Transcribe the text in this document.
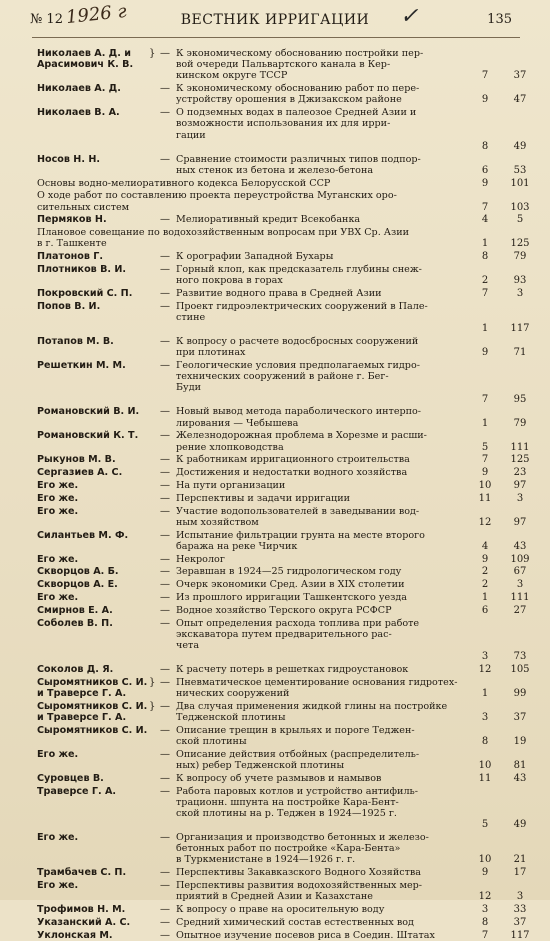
№ 12 1926 г	ВЕСТНИК ИРРИГАЦИИ	✓	135
Николаев А. Д. и
Арасимович К. В.
—
} К экономическому обоснованию постройки пер-
вой очереди Пальвартского канала в Кер-
кинском округе ТССР	7	37
Николаев А. Д.	— К экономическому обоснованию работ по пере-
устройству орошения в Джизакском районе	9	47
Николаев В. А.	— О подземных водах в палеозое Средней Азии и
возможности использования их для ирри-
гации
8	49
Носов Н. Н.	— Сравнение стоимости различных типов подпор-
ных стенок из бетона и железо-бетона	6	53
Основы водно-мелиоративного кодекса Белорусской ССР	9	101
О ходе работ по составлению проекта переустройства Муганских оро-
сительных систем	7	103
Пермяков Н.	— Мелиоративный кредит Всекобанка	4	5
Плановое совещание по водохозяйственным вопросам при УВХ Ср. Азии
в г. Ташкенте	1	125
Платонов Г.	— К орографии Западной Бухары	8	79
Плотников В. И.	— Горный клоп, как предсказатель глубины снеж-
ного покрова в горах	2	93
Покровский С. П.	— Развитие водного права в Средней Азии	7	3
Попов В. И.	— Проект гидроэлектрических сооружений в Пале-
стине
1	117
Потапов М. В.	— К вопросу о расчете водосбросных сооружений
при плотинах	9	71
Решеткин М. М.	— Геологические условия предполагаемых гидро-
технических сооружений в районе г. Бег-
Буди
7	95
Романовский В. И.	— Новый вывод метода параболического интерпо-
лирования — Чебышева	1	79
Романовский К. Т.	— Железнодорожная проблема в Хорезме и расши-
рение хлопководства	5	111
Рыкунов М. В.	— К работникам ирригационного строительства	7	125
Сергазиев А. С.	— Достижения и недостатки водного хозяйства	9	23
Его же.	— На пути организации	10	97
Его же.	— Перспективы и задачи ирригации	11	3
Его же.	— Участие водопользователей в заведывании вод-
ным хозяйством	12	97
Силантьев М. Ф.	— Испытание фильтрации грунта на месте второго
баража на реке Чирчик	4	43
Его же.	— Некролог	9	109
Скворцов А. Б.	— Зеравшан в 1924—25 гидрологическом году	2	67
Скворцов А. Е.	— Очерк экономики Сред. Азии в XIX столетии	2	3
Его же.	— Из прошлого ирригации Ташкентского уезда	1	111
Смирнов Е. А.	— Водное хозяйство Терского округа РСФСР	6	27
Соболев В. П.	— Опыт определения расхода топлива при работе
экскаватора путем предварительного рас-
чета
3	73
Соколов Д. Я.	— К расчету потерь в решетках гидроустановок	12	105
Сыромятников С. И.
и Траверсе Г. А.
—
} Пневматическое цементирование основания гидротех-
нических сооружений	1	99
Сыромятников С. И.
и Траверсе Г. А.
—
} Два случая применения жидкой глины на постройке
Тедженской плотины	3	37
Сыромятников С. И.	— Описание трещин в крыльях и пороге Теджен-
ской плотины	8	19
Его же.	— Описание действия отбойных (распределитель-
ных) ребер Тедженской плотины	10	81
Суровцев В.	— К вопросу об учете размывов и намывов	11	43
Траверсе Г. А.	— Работа паровых котлов и устройство антифиль-
трационн. шпунта на постройке Кара-Бент-
ской плотины на р. Теджен в 1924—1925 г.
5	49
Его же.	— Организация и производство бетонных и железо-
бетонных работ по постройке «Кара-Бента»
в Туркменистане в 1924—1926 г. г.	10	21
Трамбачев С. П.	— Перспективы Закавказского Водного Хозяйства	9	17
Его же.	— Перспективы развития водохозяйственных мер-
приятий в Средней Азии и Казахстане	12	3
Трофимов Н. М.	— К вопросу о праве на оросительную воду	3	33
Указанский А. С.	— Средний химический состав естественных вод	8	37
Уклонская М.	— Опытное изучение посевов риса в Соедин. Штатах	7	117
